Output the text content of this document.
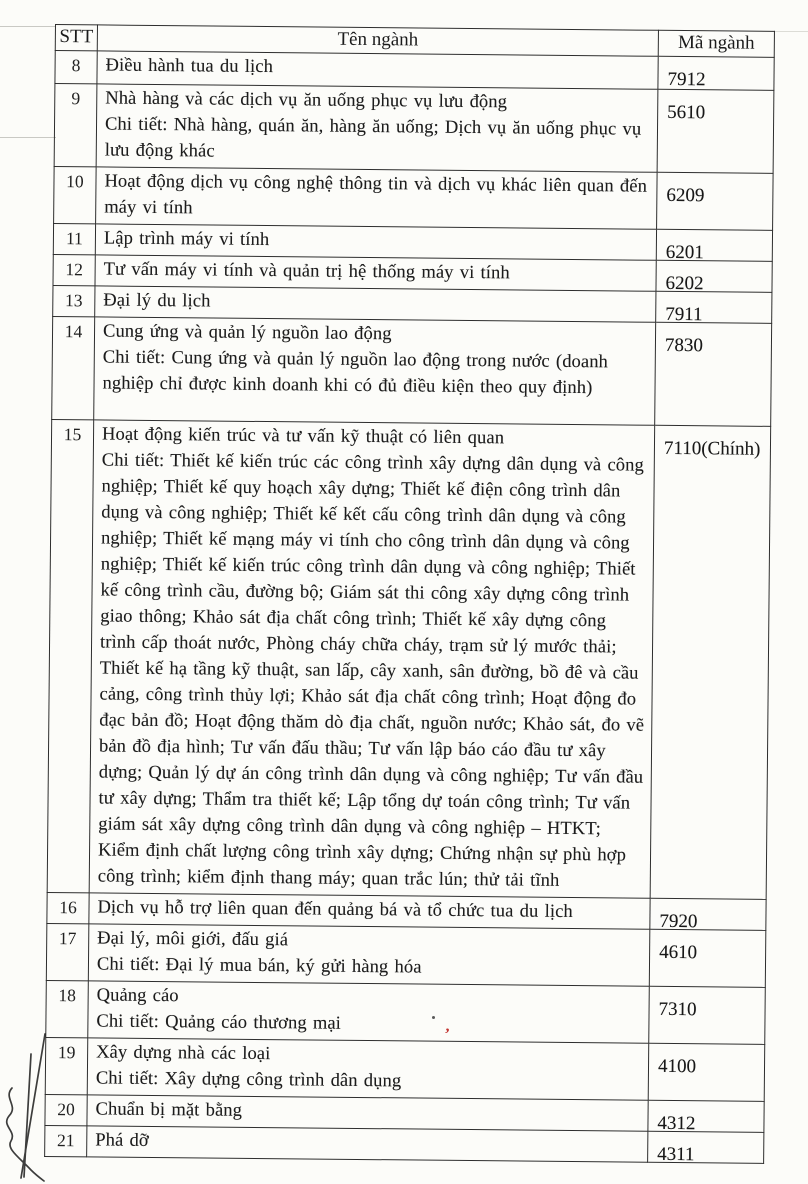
STT	Tên ngành	Mã ngành

8	Điều hành tua du lịch	7912

9	Nhà hàng và các dịch vụ ăn uống phục vụ lưu động
Chi tiết: Nhà hàng, quán ăn, hàng ăn uống; Dịch vụ ăn uống phục vụ lưu động khác	5610

10	Hoạt động dịch vụ công nghệ thông tin và dịch vụ khác liên quan đến máy vi tính	6209

11	Lập trình máy vi tính	6201

12	Tư vấn máy vi tính và quản trị hệ thống máy vi tính	6202

13	Đại lý du lịch	7911

14	Cung ứng và quản lý nguồn lao động
Chi tiết: Cung ứng và quản lý nguồn lao động trong nước (doanh nghiệp chỉ được kinh doanh khi có đủ điều kiện theo quy định)	7830

15	Hoạt động kiến trúc và tư vấn kỹ thuật có liên quan
Chi tiết: Thiết kế kiến trúc các công trình xây dựng dân dụng và công nghiệp; Thiết kế quy hoạch xây dựng; Thiết kế điện công trình dân dụng và công nghiệp; Thiết kế kết cấu công trình dân dụng và công nghiệp; Thiết kế mạng máy vi tính cho công trình dân dụng và công nghiệp; Thiết kế kiến trúc công trình dân dụng và công nghiệp; Thiết kế công trình cầu, đường bộ; Giám sát thi công xây dựng công trình giao thông; Khảo sát địa chất công trình; Thiết kế xây dựng công trình cấp thoát nước, Phòng cháy chữa cháy, trạm sử lý mước thải; Thiết kế hạ tầng kỹ thuật, san lấp, cây xanh, sân đường, bồ đê và cầu cảng, công trình thủy lợi; Khảo sát địa chất công trình; Hoạt động đo đạc bản đồ; Hoạt động thăm dò địa chất, nguồn nước; Khảo sát, đo vẽ bản đồ địa hình; Tư vấn đấu thầu; Tư vấn lập báo cáo đầu tư xây dựng; Quản lý dự án công trình dân dụng và công nghiệp; Tư vấn đầu tư xây dựng; Thẩm tra thiết kế; Lập tổng dự toán công trình; Tư vấn giám sát xây dựng công trình dân dụng và công nghiệp – HTKT; Kiểm định chất lượng công trình xây dựng; Chứng nhận sự phù hợp công trình; kiểm định thang máy; quan trắc lún; thử tải tĩnh	7110(Chính)

16	Dịch vụ hỗ trợ liên quan đến quảng bá và tổ chức tua du lịch	7920

17	Đại lý, môi giới, đấu giá
Chi tiết: Đại lý mua bán, ký gửi hàng hóa	4610

18	Quảng cáo
Chi tiết: Quảng cáo thương mại	7310

19	Xây dựng nhà các loại
Chi tiết: Xây dựng công trình dân dụng	4100

20	Chuẩn bị mặt bằng	4312

21	Phá dỡ	4311
’
